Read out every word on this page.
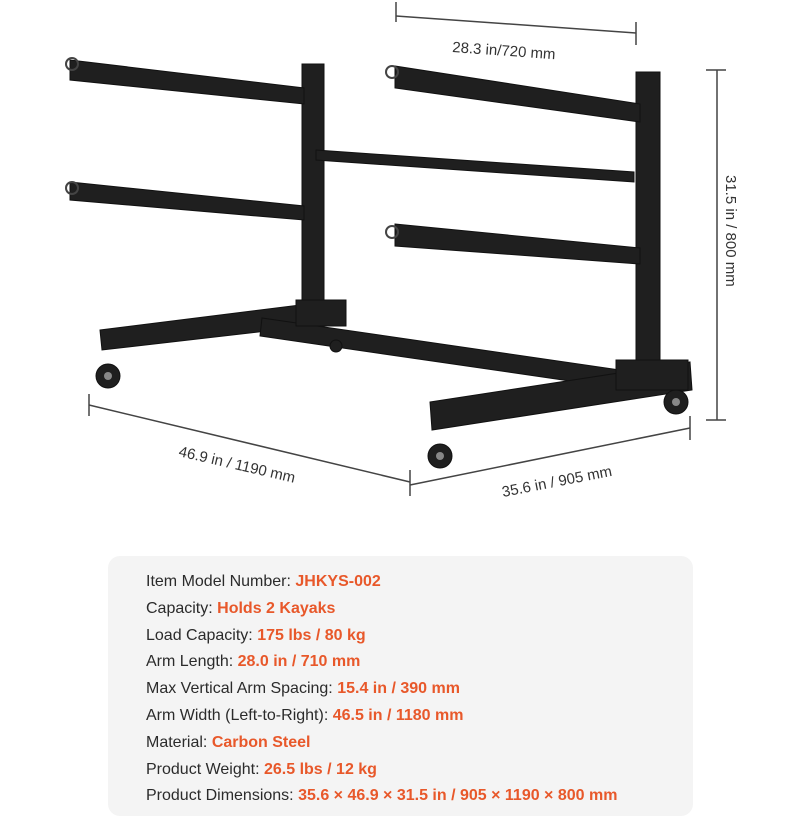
28.3 in/720 mm
31.5 in / 800 mm
46.9 in / 1190 mm	35.6 in / 905 mm
Item Model Number: JHKYS-002
Capacity: Holds 2 Kayaks
Load Capacity: 175 lbs / 80 kg
Arm Length: 28.0 in / 710 mm
Max Vertical Arm Spacing: 15.4 in / 390 mm
Arm Width (Left-to-Right): 46.5 in / 1180 mm
Material: Carbon Steel
Product Weight: 26.5 lbs / 12 kg
Product Dimensions: 35.6 × 46.9 × 31.5 in / 905 × 1190 × 800 mm
